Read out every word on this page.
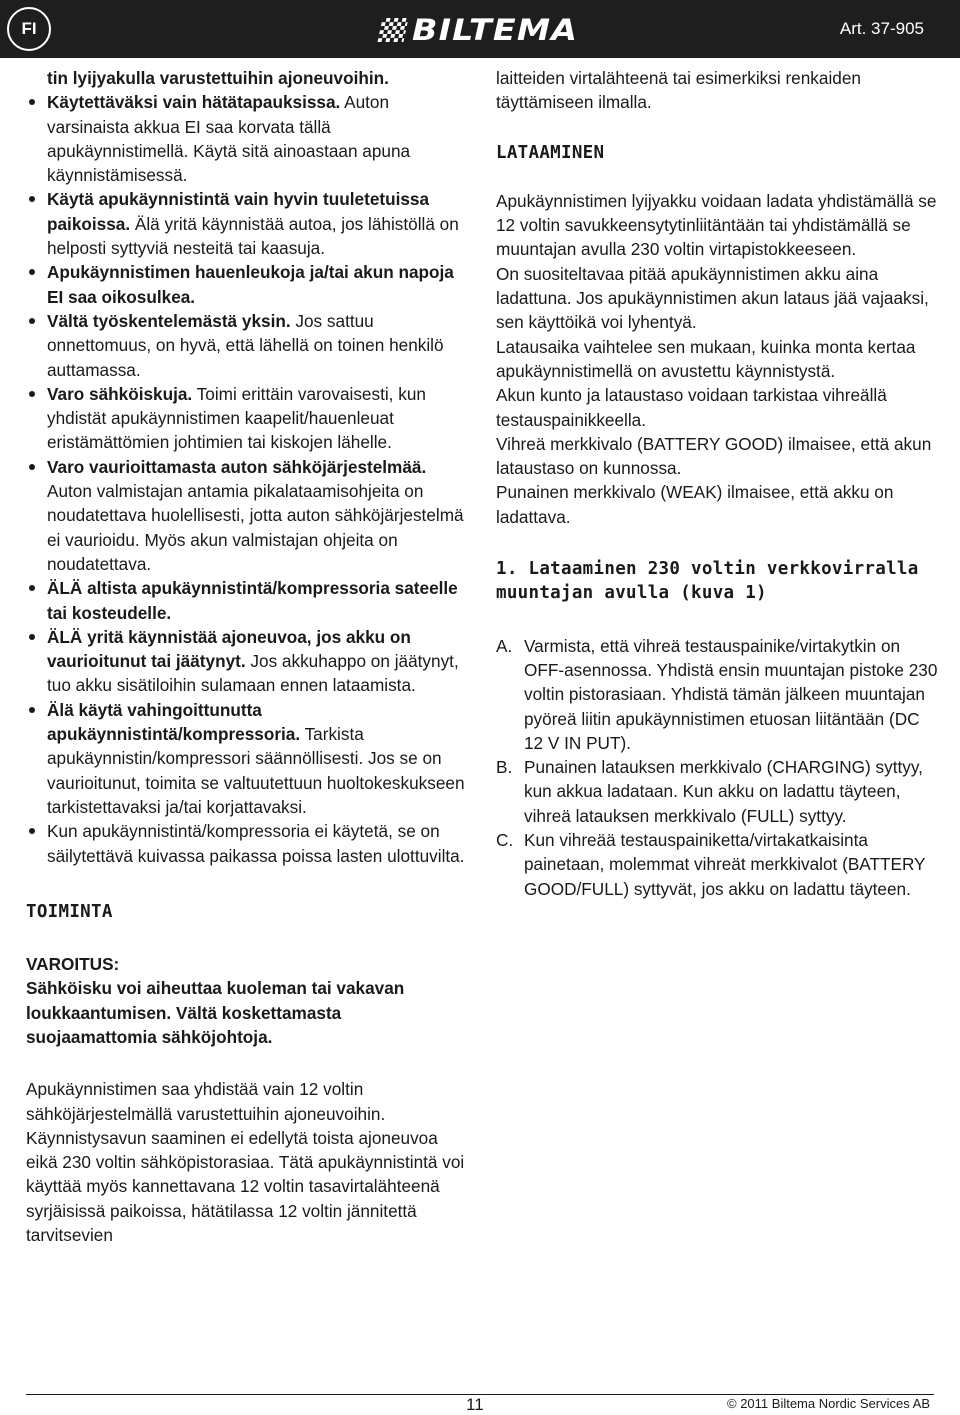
FI	BILTEMA	Art. 37-905

tin lyijyakulla varustettuihin ajoneuvoihin.

Käytettäväksi vain hätätapauksissa. Auton varsinaista akkua EI saa korvata tällä apukäynnistimellä. Käytä sitä ainoastaan apuna käynnistämisessä.
Käytä apukäynnistintä vain hyvin tuuletetuissa paikoissa. Älä yritä käynnistää autoa, jos lähistöllä on helposti syttyviä nesteitä tai kaasuja.
Apukäynnistimen hauenleukoja ja/tai akun napoja EI saa oikosulkea.
Vältä työskentelemästä yksin. Jos sattuu onnettomuus, on hyvä, että lähellä on toinen henkilö auttamassa.
Varo sähköiskuja. Toimi erittäin varovaisesti, kun yhdistät apukäynnistimen kaapelit/hauenleuat eristämättömien johtimien tai kiskojen lähelle.
Varo vaurioittamasta auton sähköjärjestelmää. Auton valmistajan antamia pikalataamisohjeita on noudatettava huolellisesti, jotta auton sähköjärjestelmä ei vaurioidu. Myös akun valmistajan ohjeita on noudatettava.
ÄLÄ altista apukäynnistintä/kompressoria sateelle tai kosteudelle.
ÄLÄ yritä käynnistää ajoneuvoa, jos akku on vaurioitunut tai jäätynyt. Jos akkuhappo on jäätynyt, tuo akku sisätiloihin sulamaan ennen lataamista.
Älä käytä vahingoittunutta apukäynnistintä/kompressoria. Tarkista apukäynnistin/kompressori säännöllisesti. Jos se on vaurioitunut, toimita se valtuutettuun huoltokeskukseen tarkistettavaksi ja/tai korjattavaksi.
Kun apukäynnistintä/kompressoria ei käytetä, se on säilytettävä kuivassa paikassa poissa lasten ulottuvilta.

TOIMINTA

VAROITUS:

Sähköisku voi aiheuttaa kuoleman tai vakavan loukkaantumisen. Vältä koskettamasta suojaamattomia sähköjohtoja.

Apukäynnistimen saa yhdistää vain 12 voltin sähköjärjestelmällä varustettuihin ajoneuvoihin. Käynnistysavun saaminen ei edellytä toista ajoneuvoa eikä 230 voltin sähköpistorasiaa. Tätä apukäynnistintä voi käyttää myös kannettavana 12 voltin tasavirtalähteenä syrjäisissä paikoissa, hätätilassa 12 voltin jännitettä tarvitsevien

laitteiden virtalähteenä tai esimerkiksi renkaiden täyttämiseen ilmalla.

LATAAMINEN

Apukäynnistimen lyijyakku voidaan ladata yhdistämällä se 12 voltin savukkeensytytinliitäntään tai yhdistämällä se muuntajan avulla 230 voltin virtapistokkeeseen.

On suositeltavaa pitää apukäynnistimen akku aina ladattuna. Jos apukäynnistimen akun lataus jää vajaaksi, sen käyttöikä voi lyhentyä.

Latausaika vaihtelee sen mukaan, kuinka monta kertaa apukäynnistimellä on avustettu käynnistystä.

Akun kunto ja lataustaso voidaan tarkistaa vihreällä testauspainikkeella.

Vihreä merkkivalo (BATTERY GOOD) ilmaisee, että akun lataustaso on kunnossa.

Punainen merkkivalo (WEAK) ilmaisee, että akku on ladattava.

1. Lataaminen 230 voltin verkkovirralla muuntajan avulla (kuva 1)

A. Varmista, että vihreä testauspainike/virtakytkin on OFF-asennossa. Yhdistä ensin muuntajan pistoke 230 voltin pistorasiaan. Yhdistä tämän jälkeen muuntajan pyöreä liitin apukäynnistimen etuosan liitäntään (DC 12 V IN PUT).
B. Punainen latauksen merkkivalo (CHARGING) syttyy, kun akkua ladataan. Kun akku on ladattu täyteen, vihreä latauksen merkkivalo (FULL) syttyy.
C. Kun vihreää testauspainiketta/virtakatkaisinta painetaan, molemmat vihreät merkkivalot (BATTERY GOOD/FULL) syttyvät, jos akku on ladattu täyteen.
11	© 2011 Biltema Nordic Services AB
